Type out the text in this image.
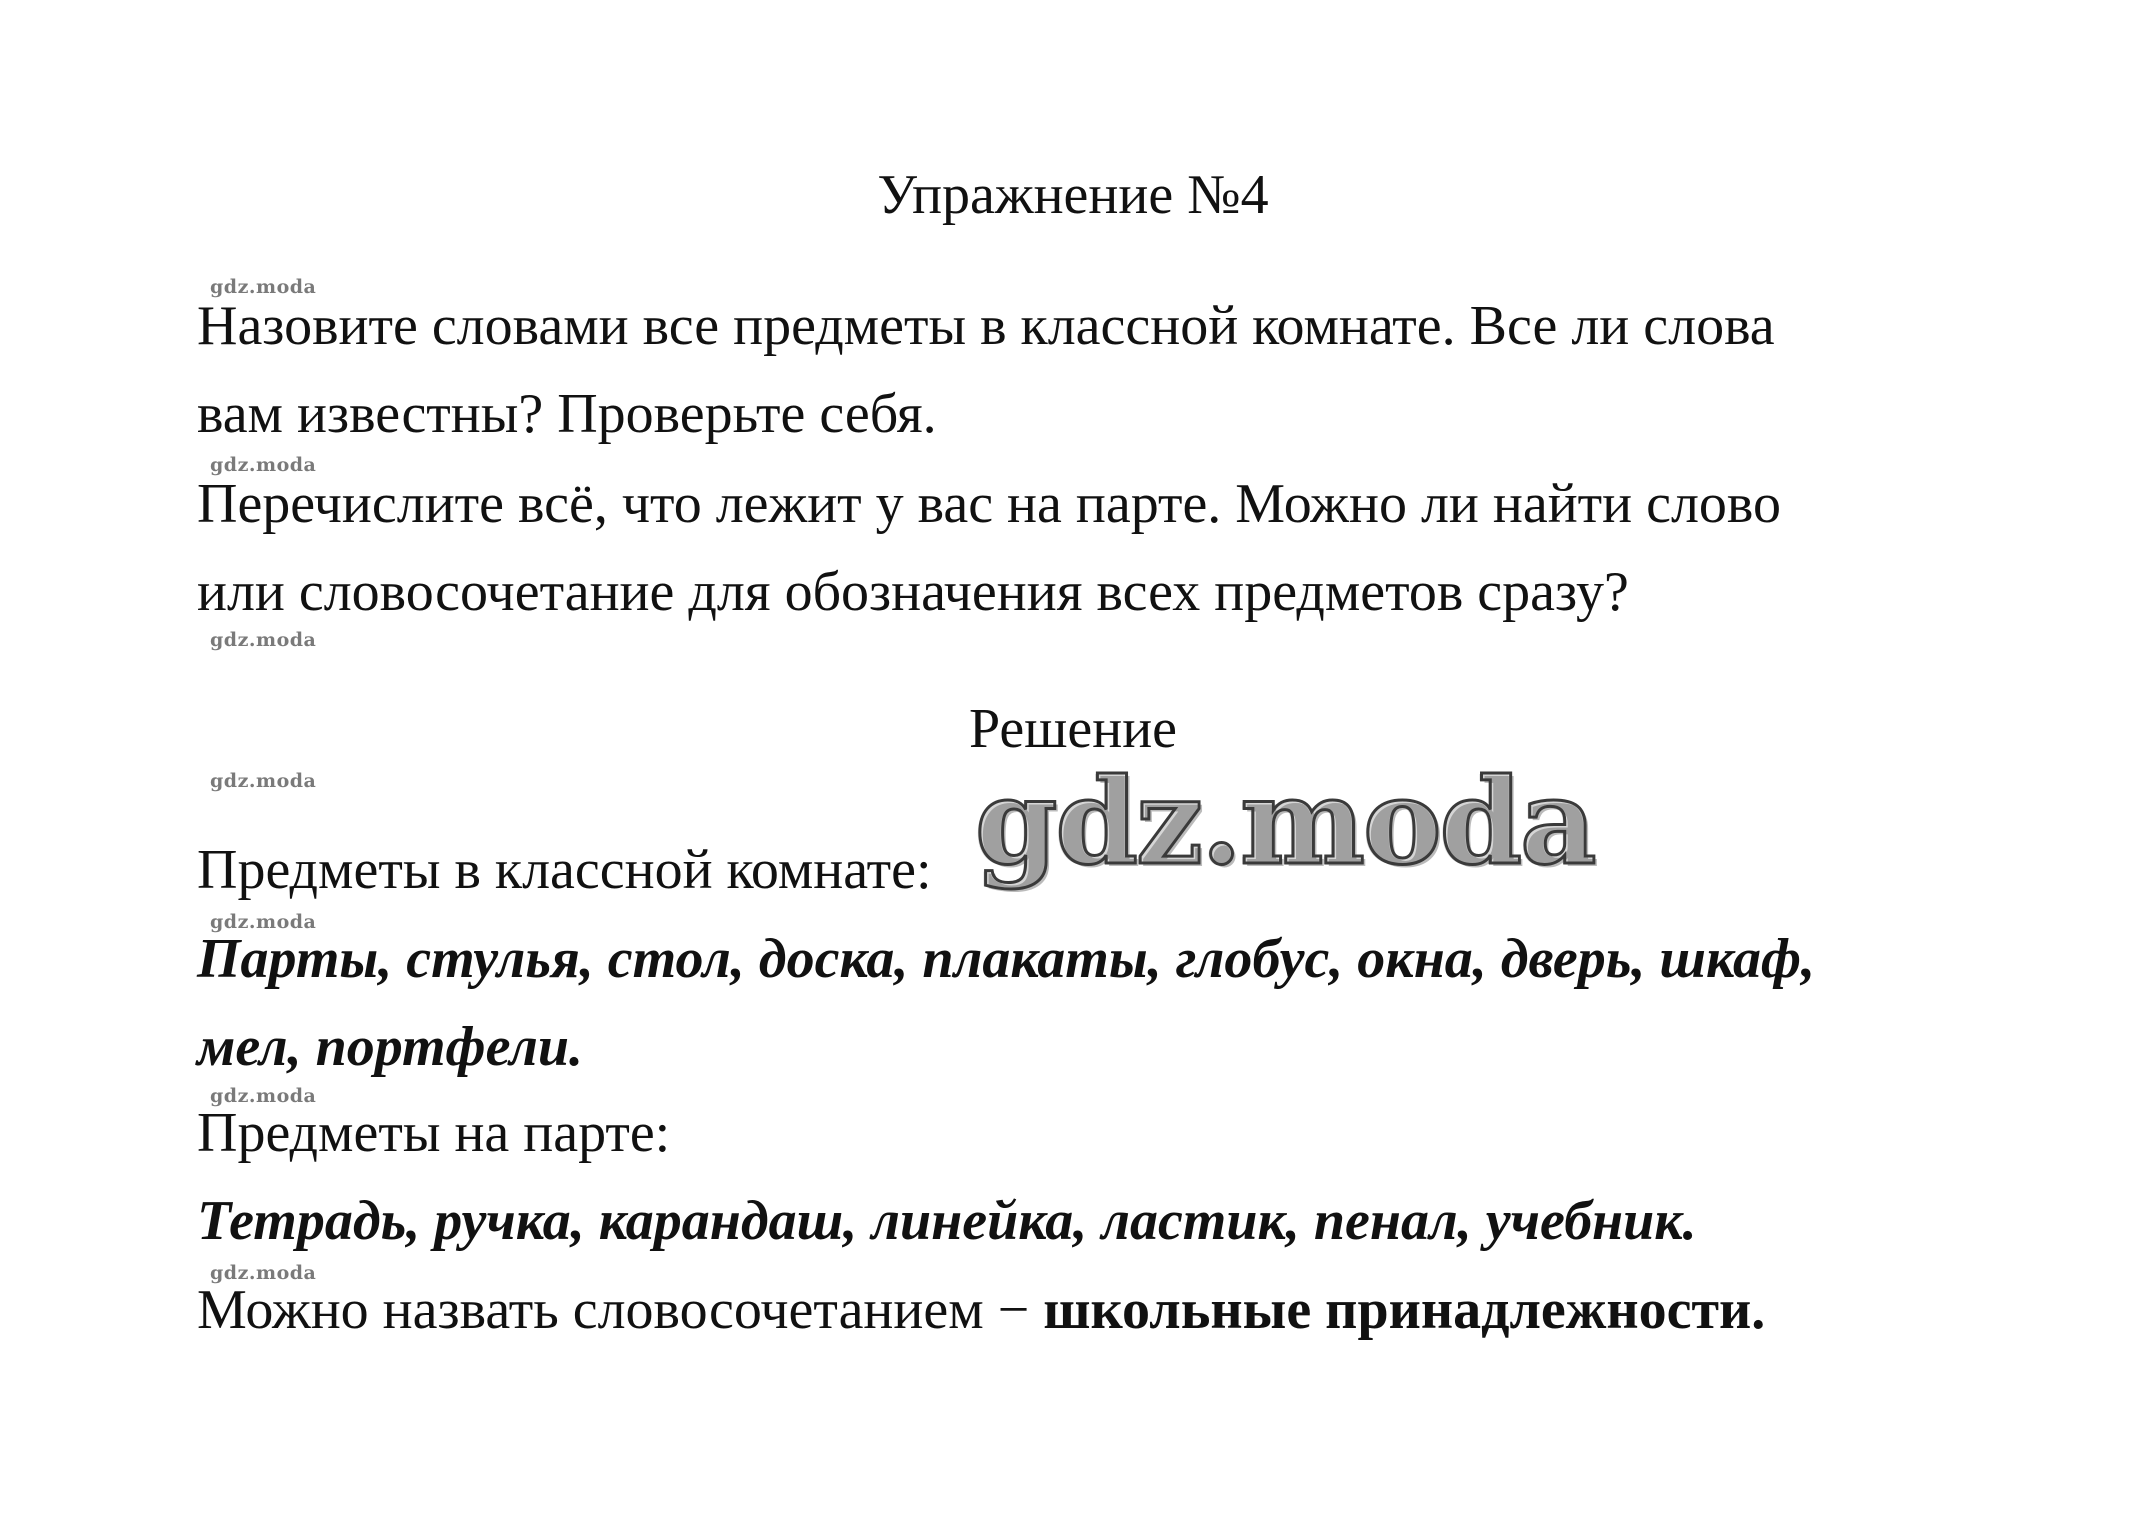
Упражнение №4
gdz.moda
Назовите словами все предметы в классной комнате. Все ли слова
вам известны? Проверьте себя.
gdz.moda
Перечислите всё, что лежит у вас на парте. Можно ли найти слово
или словосочетание для обозначения всех предметов сразу?
gdz.moda
Решение
gdz.moda
Предметы в классной комнате: gdz.moda
gdz.moda
Парты, стулья, стол, доска, плакаты, глобус, окна, дверь, шкаф,
мел, портфели.
gdz.moda
Предметы на парте:
Тетрадь, ручка, карандаш, линейка, ластик, пенал, учебник.
gdz.moda
Можно назвать словосочетанием − школьные принадлежности.
